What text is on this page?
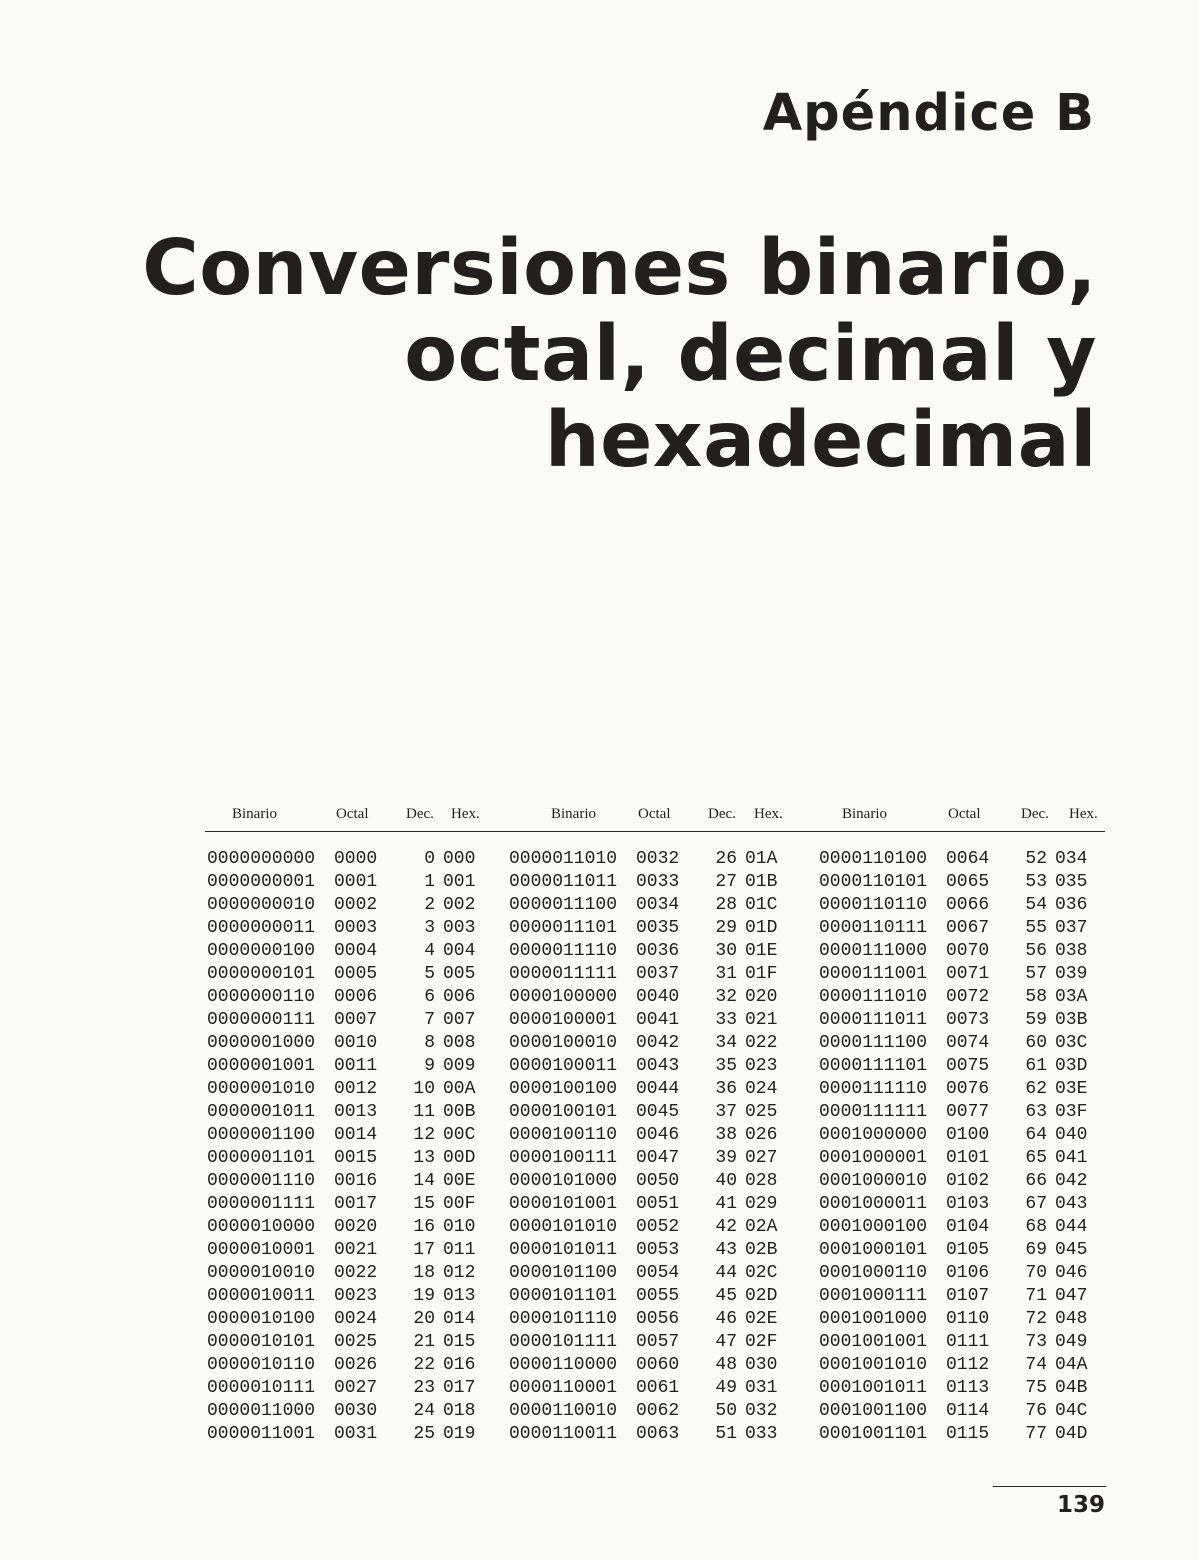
Apéndice B
Conversiones binario,
octal, decimal y
hexadecimal
Binario	Octal	Dec. Hex.	Binario	Octal	Dec. Hex.	Binario	Octal	Dec. Hex.
0000000000 0000	0 000
0000000001 0001	1 001
0000000010 0002	2 002
0000000011 0003	3 003
0000000100 0004	4 004
0000000101 0005	5 005
0000000110 0006	6 006
0000000111 0007	7 007
0000001000 0010	8 008
0000001001 0011	9 009
0000001010 0012	10 00A
0000001011 0013	11 00B
0000001100 0014	12 00C
0000001101 0015	13 00D
0000001110 0016	14 00E
0000001111 0017	15 00F
0000010000 0020	16 010
0000010001 0021	17 011
0000010010 0022	18 012
0000010011 0023	19 013
0000010100 0024	20 014
0000010101 0025	21 015
0000010110 0026	22 016
0000010111 0027	23 017
0000011000 0030	24 018
0000011001 0031	25 019
0000011010 0032	26 01A
0000011011 0033	27 01B
0000011100 0034	28 01C
0000011101 0035	29 01D
0000011110 0036	30 01E
0000011111 0037	31 01F
0000100000 0040	32 020
0000100001 0041	33 021
0000100010 0042	34 022
0000100011 0043	35 023
0000100100 0044	36 024
0000100101 0045	37 025
0000100110 0046	38 026
0000100111 0047	39 027
0000101000 0050	40 028
0000101001 0051	41 029
0000101010 0052	42 02A
0000101011 0053	43 02B
0000101100 0054	44 02C
0000101101 0055	45 02D
0000101110 0056	46 02E
0000101111 0057	47 02F
0000110000 0060	48 030
0000110001 0061	49 031
0000110010 0062	50 032
0000110011 0063	51 033
0000110100 0064	52 034
0000110101 0065	53 035
0000110110 0066	54 036
0000110111 0067	55 037
0000111000 0070	56 038
0000111001 0071	57 039
0000111010 0072	58 03A
0000111011 0073	59 03B
0000111100 0074	60 03C
0000111101 0075	61 03D
0000111110 0076	62 03E
0000111111 0077	63 03F
0001000000 0100	64 040
0001000001 0101	65 041
0001000010 0102	66 042
0001000011 0103	67 043
0001000100 0104	68 044
0001000101 0105	69 045
0001000110 0106	70 046
0001000111 0107	71 047
0001001000 0110	72 048
0001001001 0111	73 049
0001001010 0112	74 04A
0001001011 0113	75 04B
0001001100 0114	76 04C
0001001101 0115	77 04D
139
